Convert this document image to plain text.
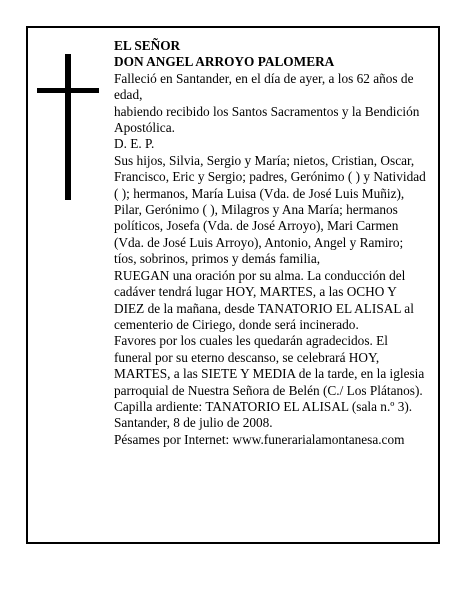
EL SEÑOR

DON ANGEL ARROYO PALOMERA

Falleció en Santander, en el día de ayer, a los 62 años de edad,

habiendo recibido los Santos Sacramentos y la Bendición Apostólica.

D. E. P.

Sus hijos, Silvia, Sergio y María; nietos, Cristian, Oscar, Francisco, Eric y Sergio; padres, Gerónimo ( ) y Natividad ( ); hermanos, María Luisa (Vda. de José Luis Muñiz), Pilar, Gerónimo ( ), Milagros y Ana María; hermanos políticos, Josefa (Vda. de José Arroyo), Mari Carmen (Vda. de José Luis Arroyo), Antonio, Angel y Ramiro; tíos, sobrinos, primos y demás familia,

RUEGAN una oración por su alma. La conducción del cadáver tendrá lugar HOY, MARTES, a las OCHO Y DIEZ de la mañana, desde TANATORIO EL ALISAL al cementerio de Ciriego, donde será incinerado.

Favores por los cuales les quedarán agradecidos. El funeral por su eterno descanso, se celebrará HOY, MARTES, a las SIETE Y MEDIA de la tarde, en la iglesia parroquial de Nuestra Señora de Belén (C./ Los Plátanos). Capilla ardiente: TANATORIO EL ALISAL (sala n.º 3).

Santander, 8 de julio de 2008.

Pésames por Internet: www.funerarialamontanesa.com
